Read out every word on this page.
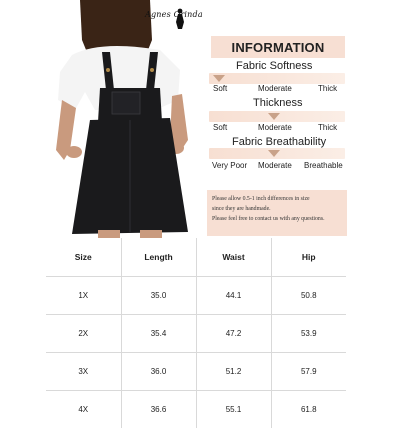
Agnes Orinda
INFORMATION
Fabric Softness
Soft	Moderate	Thick
Thickness
Soft	Moderate	Thick
Fabric Breathability
Very Poor Moderate Breathable
Please allow 0.5-1 inch differences in size
since they are handmade.
Please feel free to contact us with any questions.
Size	Length	Waist	Hip
1X	35.0	44.1	50.8
2X	35.4	47.2	53.9
3X	36.0	51.2	57.9
4X	36.6	55.1	61.8
